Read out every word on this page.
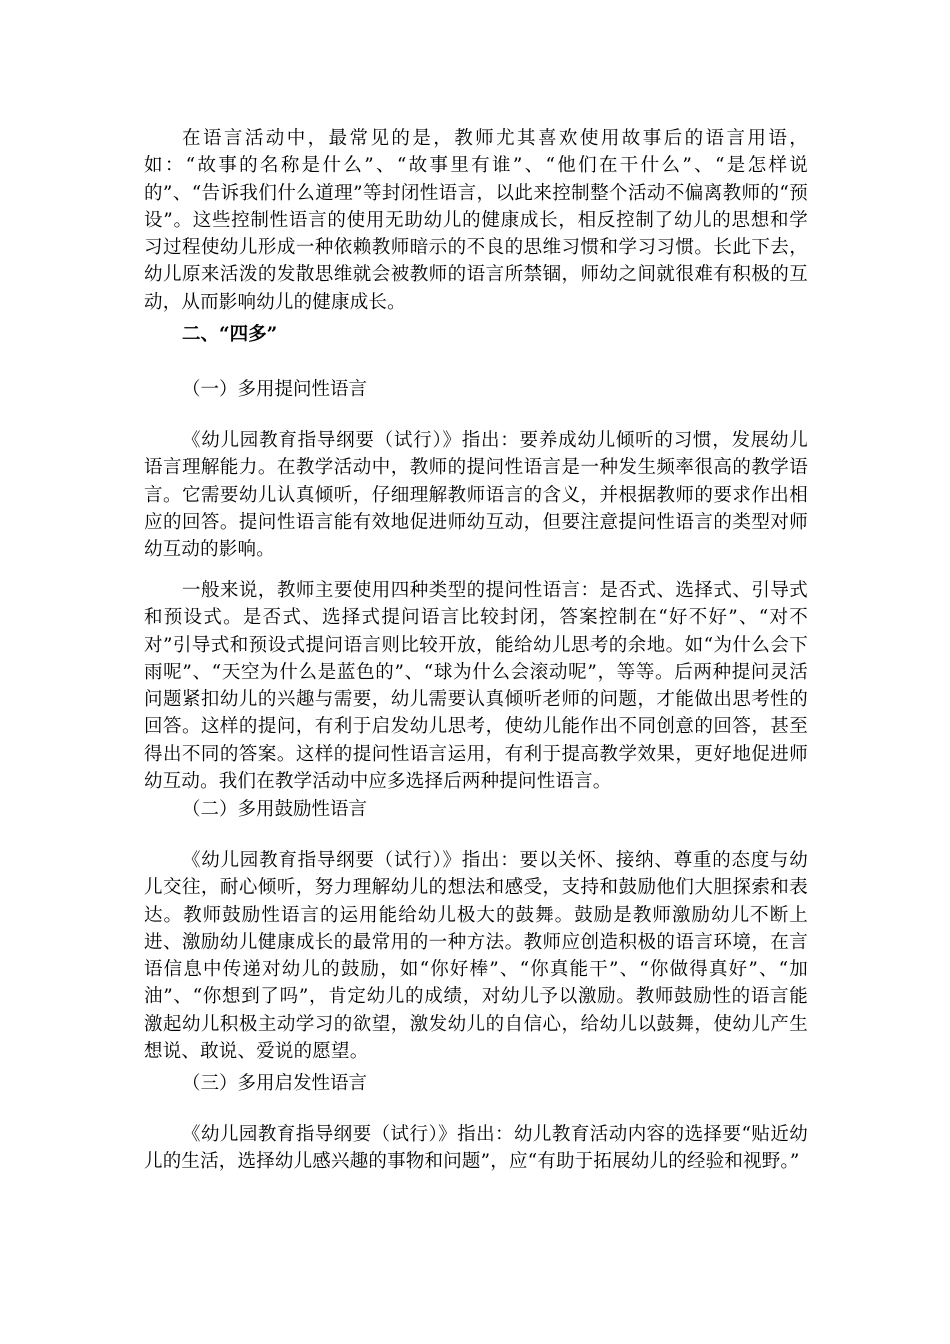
在语言活动中，最常见的是，教师尤其喜欢使用故事后的语言用语，如：“故事的名称是什么”、“故事里有谁”、“他们在干什么”、“是怎样说的”、“告诉我们什么道理”等封闭性语言，以此来控制整个活动不偏离教师的“预设”。这些控制性语言的使用无助幼儿的健康成长，相反控制了幼儿的思想和学习过程使幼儿形成一种依赖教师暗示的不良的思维习惯和学习习惯。长此下去，幼儿原来活泼的发散思维就会被教师的语言所禁锢，师幼之间就很难有积极的互动，从而影响幼儿的健康成长。

二、“四多”

（一）多用提问性语言

《幼儿园教育指导纲要（试行）》指出：要养成幼儿倾听的习惯，发展幼儿语言理解能力。在教学活动中，教师的提问性语言是一种发生频率很高的教学语言。它需要幼儿认真倾听，仔细理解教师语言的含义，并根据教师的要求作出相应的回答。提问性语言能有效地促进师幼互动，但要注意提问性语言的类型对师幼互动的影响。

一般来说，教师主要使用四种类型的提问性语言：是否式、选择式、引导式和预设式。是否式、选择式提问语言比较封闭，答案控制在“好不好”、“对不对”引导式和预设式提问语言则比较开放，能给幼儿思考的余地。如“为什么会下雨呢”、“天空为什么是蓝色的”、“球为什么会滚动呢”，等等。后两种提问灵活问题紧扣幼儿的兴趣与需要，幼儿需要认真倾听老师的问题，才能做出思考性的回答。这样的提问，有利于启发幼儿思考，使幼儿能作出不同创意的回答，甚至得出不同的答案。这样的提问性语言运用，有利于提高教学效果，更好地促进师幼互动。我们在教学活动中应多选择后两种提问性语言。

（二）多用鼓励性语言

《幼儿园教育指导纲要（试行）》指出：要以关怀、接纳、尊重的态度与幼儿交往，耐心倾听，努力理解幼儿的想法和感受，支持和鼓励他们大胆探索和表达。教师鼓励性语言的运用能给幼儿极大的鼓舞。鼓励是教师激励幼儿不断上进、激励幼儿健康成长的最常用的一种方法。教师应创造积极的语言环境，在言语信息中传递对幼儿的鼓励，如“你好棒”、“你真能干”、“你做得真好”、“加油”、“你想到了吗”，肯定幼儿的成绩，对幼儿予以激励。教师鼓励性的语言能激起幼儿积极主动学习的欲望，激发幼儿的自信心，给幼儿以鼓舞，使幼儿产生想说、敢说、爱说的愿望。

（三）多用启发性语言

《幼儿园教育指导纲要（试行）》指出：幼儿教育活动内容的选择要“贴近幼儿的生活，选择幼儿感兴趣的事物和问题”，应“有助于拓展幼儿的经验和视野。”
